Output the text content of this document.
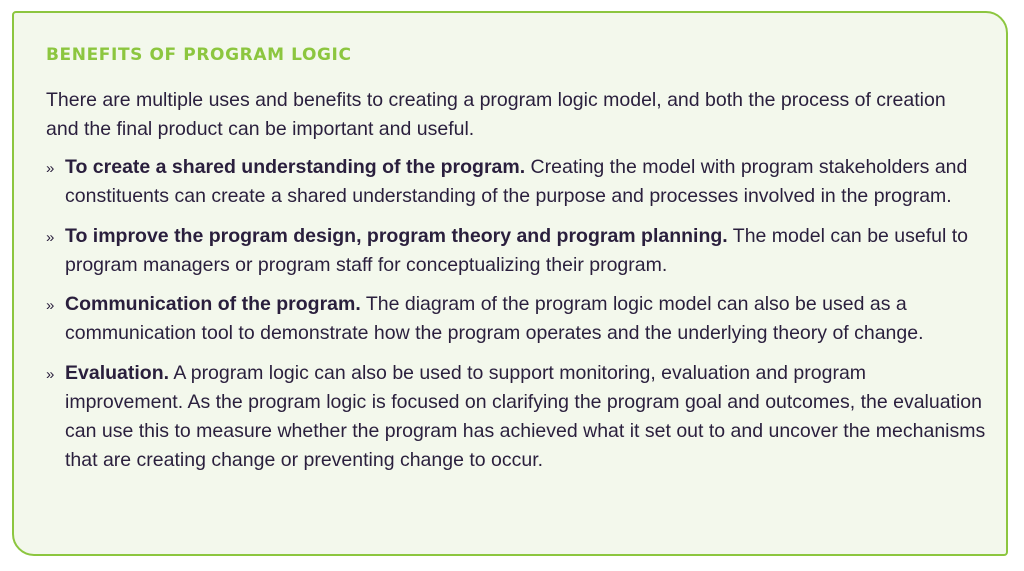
BENEFITS OF PROGRAM LOGIC
There are multiple uses and benefits to creating a program logic model, and both the process of creation and the final product can be important and useful.
» To create a shared understanding of the program. Creating the model with program stakeholders and constituents can create a shared understanding of the purpose and processes involved in the program.
» To improve the program design, program theory and program planning. The model can be useful to program managers or program staff for conceptualizing their program.
» Communication of the program. The diagram of the program logic model can also be used as a communication tool to demonstrate how the program operates and the underlying theory of change.
» Evaluation. A program logic can also be used to support monitoring, evaluation and program improvement. As the program logic is focused on clarifying the program goal and outcomes, the evaluation can use this to measure whether the program has achieved what it set out to and uncover the mechanisms that are creating change or preventing change to occur.
